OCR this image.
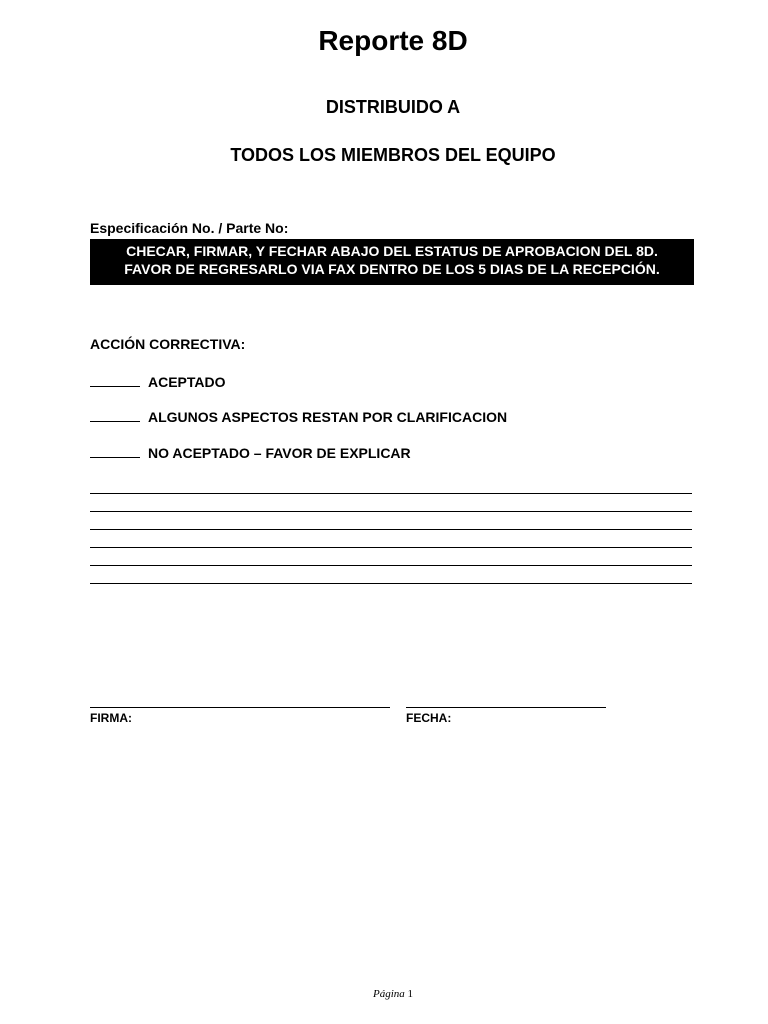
Reporte 8D
DISTRIBUIDO A
TODOS LOS MIEMBROS DEL EQUIPO
Especificación No. / Parte No:
CHECAR, FIRMAR, Y FECHAR ABAJO DEL ESTATUS DE APROBACION DEL 8D.
FAVOR DE REGRESARLO VIA FAX DENTRO DE LOS 5 DIAS DE LA RECEPCIÓN.
ACCIÓN CORRECTIVA:
ACEPTADO
ALGUNOS ASPECTOS RESTAN POR CLARIFICACION
NO ACEPTADO – FAVOR DE EXPLICAR
FIRMA:	FECHA:
Página 1
